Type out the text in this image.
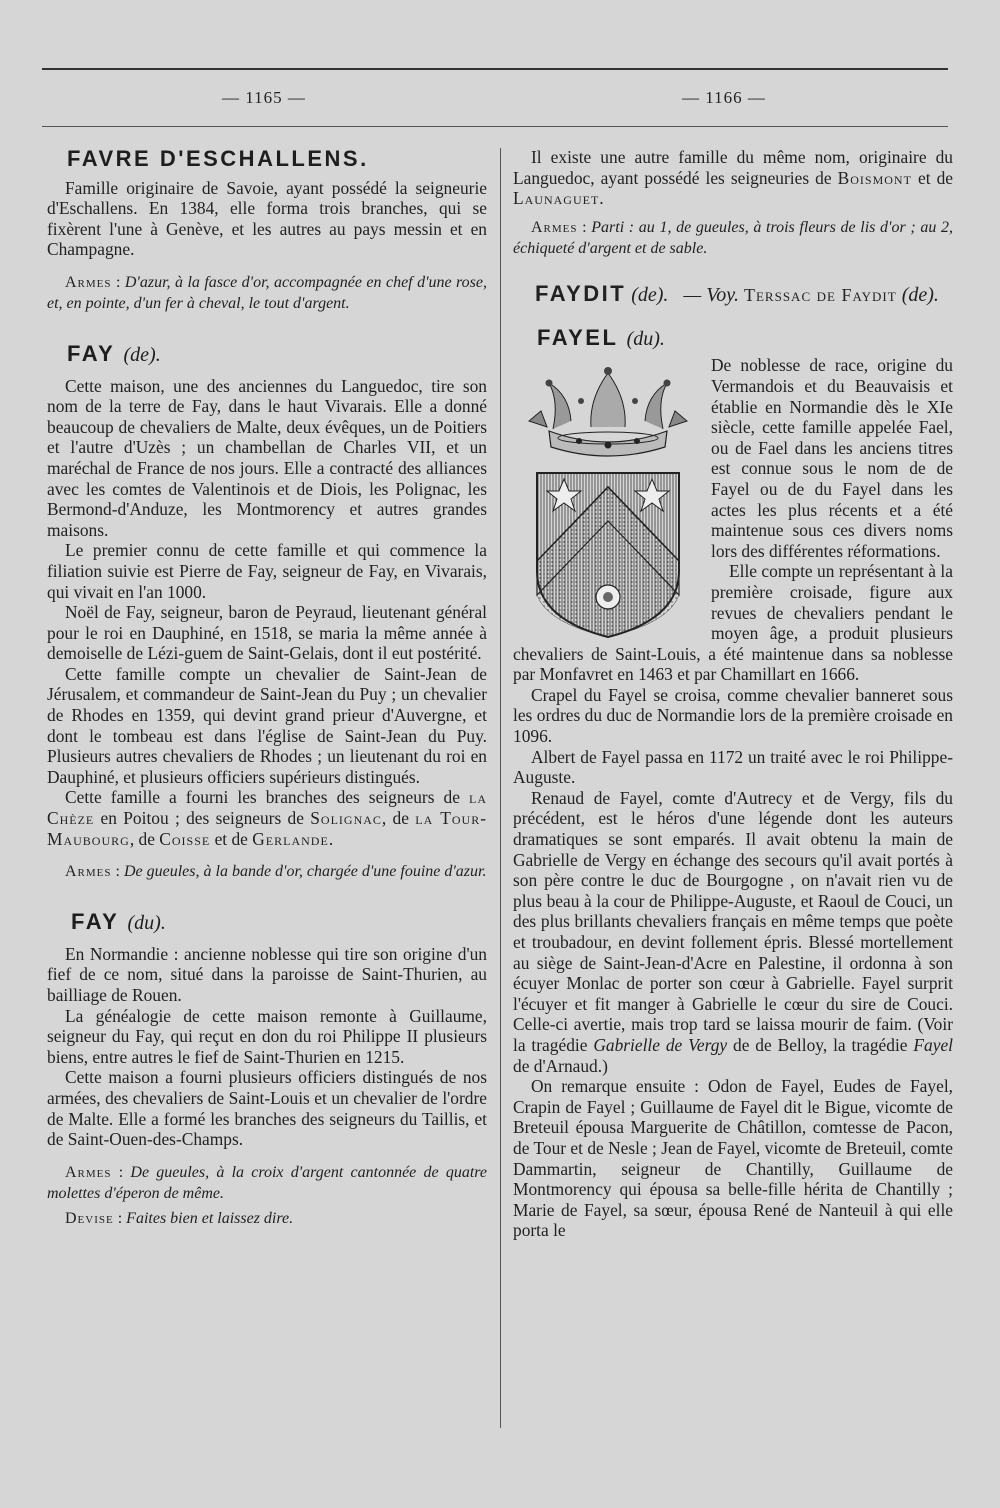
— 1165 —	— 1166 —
FAVRE D'ESCHALLENS.

Famille originaire de Savoie, ayant possédé la seigneurie d'Eschallens. En 1384, elle forma trois branches, qui se fixèrent l'une à Genève, et les autres au pays messin et en Champagne.

Armes : D'azur, à la fasce d'or, accompagnée en chef d'une rose, et, en pointe, d'un fer à cheval, le tout d'argent.

FAY (de).

Cette maison, une des anciennes du Languedoc, tire son nom de la terre de Fay, dans le haut Vivarais. Elle a donné beaucoup de chevaliers de Malte, deux évêques, un de Poitiers et l'autre d'Uzès ; un chambellan de Charles VII, et un maréchal de France de nos jours. Elle a contracté des alliances avec les comtes de Valentinois et de Diois, les Polignac, les Bermond-d'Anduze, les Montmorency et autres grandes maisons.

Le premier connu de cette famille et qui commence la filiation suivie est Pierre de Fay, seigneur de Fay, en Vivarais, qui vivait en l'an 1000.

Noël de Fay, seigneur, baron de Peyraud, lieutenant général pour le roi en Dauphiné, en 1518, se maria la même année à demoiselle de Lézi-guem de Saint-Gelais, dont il eut postérité.

Cette famille compte un chevalier de Saint-Jean de Jérusalem, et commandeur de Saint-Jean du Puy ; un chevalier de Rhodes en 1359, qui devint grand prieur d'Auvergne, et dont le tombeau est dans l'église de Saint-Jean du Puy. Plusieurs autres chevaliers de Rhodes ; un lieutenant du roi en Dauphiné, et plusieurs officiers supérieurs distingués.

Cette famille a fourni les branches des seigneurs de la Chèze en Poitou ; des seigneurs de Solignac, de la Tour-Maubourg, de Coisse et de Gerlande.

Armes : De gueules, à la bande d'or, chargée d'une fouine d'azur.

FAY (du).

En Normandie : ancienne noblesse qui tire son origine d'un fief de ce nom, situé dans la paroisse de Saint-Thurien, au bailliage de Rouen.

La généalogie de cette maison remonte à Guillaume, seigneur du Fay, qui reçut en don du roi Philippe II plusieurs biens, entre autres le fief de Saint-Thurien en 1215.

Cette maison a fourni plusieurs officiers distingués de nos armées, des chevaliers de Saint-Louis et un chevalier de l'ordre de Malte. Elle a formé les branches des seigneurs du Taillis, et de Saint-Ouen-des-Champs.

Armes : De gueules, à la croix d'argent cantonnée de quatre molettes d'éperon de même.

Devise : Faites bien et laissez dire.

Il existe une autre famille du même nom, originaire du Languedoc, ayant possédé les seigneuries de Boismont et de Launaguet.

Armes : Parti : au 1, de gueules, à trois fleurs de lis d'or ; au 2, échiqueté d'argent et de sable.

FAYDIT (de). — Voy. Terssac de Faydit (de).

FAYEL (du).

De noblesse de race, origine du Vermandois et du Beauvaisis et établie en Normandie dès le XIe siècle, cette famille appelée Fael, ou de Fael dans les anciens titres est connue sous le nom de de Fayel ou de du Fayel dans les actes les plus récents et a été maintenue sous ces divers noms lors des différentes réformations.

Elle compte un représentant à la première croisade, figure aux revues de chevaliers pendant le moyen âge, a produit plusieurs chevaliers de Saint-Louis, a été maintenue dans sa noblesse par Monfavret en 1463 et par Chamillart en 1666.

Crapel du Fayel se croisa, comme chevalier banneret sous les ordres du duc de Normandie lors de la première croisade en 1096.

Albert de Fayel passa en 1172 un traité avec le roi Philippe-Auguste.

Renaud de Fayel, comte d'Autrecy et de Vergy, fils du précédent, est le héros d'une légende dont les auteurs dramatiques se sont emparés. Il avait obtenu la main de Gabrielle de Vergy en échange des secours qu'il avait portés à son père contre le duc de Bourgogne , on n'avait rien vu de plus beau à la cour de Philippe-Auguste, et Raoul de Couci, un des plus brillants chevaliers français en même temps que poète et troubadour, en devint follement épris. Blessé mortellement au siège de Saint-Jean-d'Acre en Palestine, il ordonna à son écuyer Monlac de porter son cœur à Gabrielle. Fayel surprit l'écuyer et fit manger à Gabrielle le cœur du sire de Couci. Celle-ci avertie, mais trop tard se laissa mourir de faim. (Voir la tragédie Gabrielle de Vergy de de Belloy, la tragédie Fayel de d'Arnaud.)

On remarque ensuite : Odon de Fayel, Eudes de Fayel, Crapin de Fayel ; Guillaume de Fayel dit le Bigue, vicomte de Breteuil épousa Marguerite de Châtillon, comtesse de Pacon, de Tour et de Nesle ; Jean de Fayel, vicomte de Breteuil, comte Dammartin, seigneur de Chantilly, Guillaume de Montmorency qui épousa sa belle-fille hérita de Chantilly ; Marie de Fayel, sa sœur, épousa René de Nanteuil à qui elle porta le
